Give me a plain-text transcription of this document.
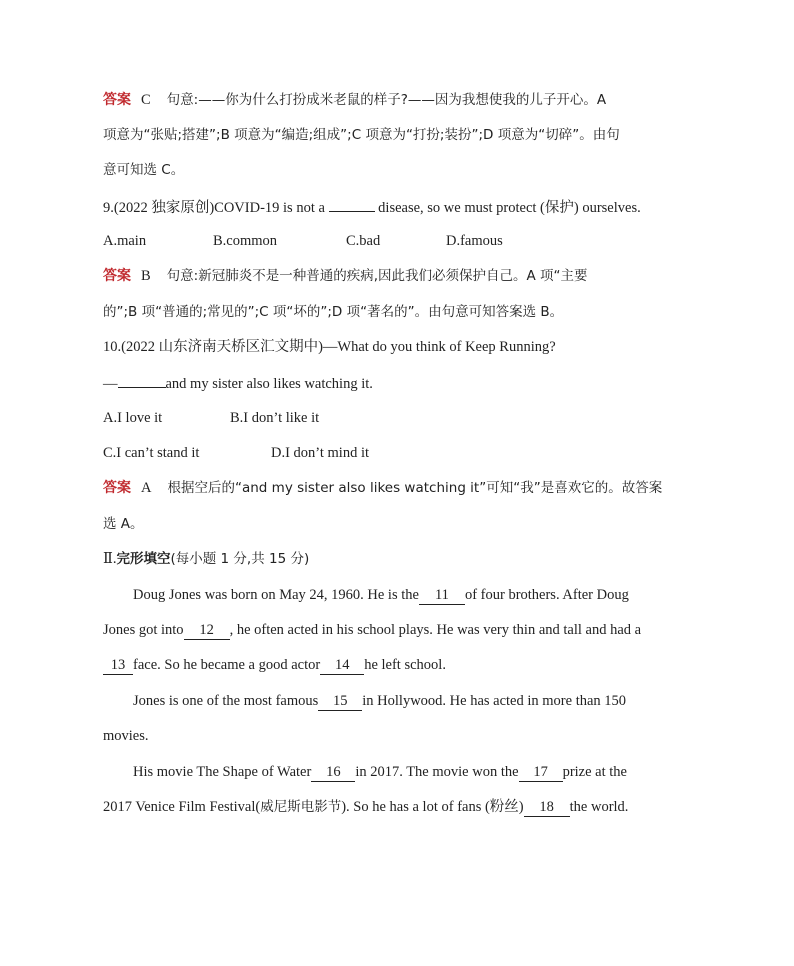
答案 C 句意:——你为什么打扮成米老鼠的样子?——因为我想使我的儿子开心。A
项意为“张贴;搭建”;B 项意为“编造;组成”;C 项意为“打扮;装扮”;D 项意为“切碎”。由句
意可知选 C。
9.(2022 独家原创)COVID-19 is not a	disease, so we must protect (保护) ourselves.
A.main	B.common	C.bad	D.famous
答案 B 句意:新冠肺炎不是一种普通的疾病,因此我们必须保护自己。A 项“主要
的”;B 项“普通的;常见的”;C 项“坏的”;D 项“著名的”。由句意可知答案选 B。
10.(2022 山东济南天桥区汇文期中)—What do you think of Keep Running?
—	and my sister also likes watching it.
A.I love it	B.I don’t like it
C.I can’t stand it	D.I don’t mind it
答案 A 根据空后的“and my sister also likes watching it”可知“我”是喜欢它的。故答案
选 A。
Ⅱ.完形填空(每小题 1 分,共 15 分)
Doug Jones was born on May 24, 1960. He is the 11 of four brothers. After Doug
Jones got into 12 , he often acted in his school plays. He was very thin and tall and had a
13 face. So he became a good actor 14 he left school.
Jones is one of the most famous 15 in Hollywood. He has acted in more than 150
movies.
His movie The Shape of Water 16 in 2017. The movie won the 17 prize at the
2017 Venice Film Festival(威尼斯电影节). So he has a lot of fans (粉丝) 18 the world.
